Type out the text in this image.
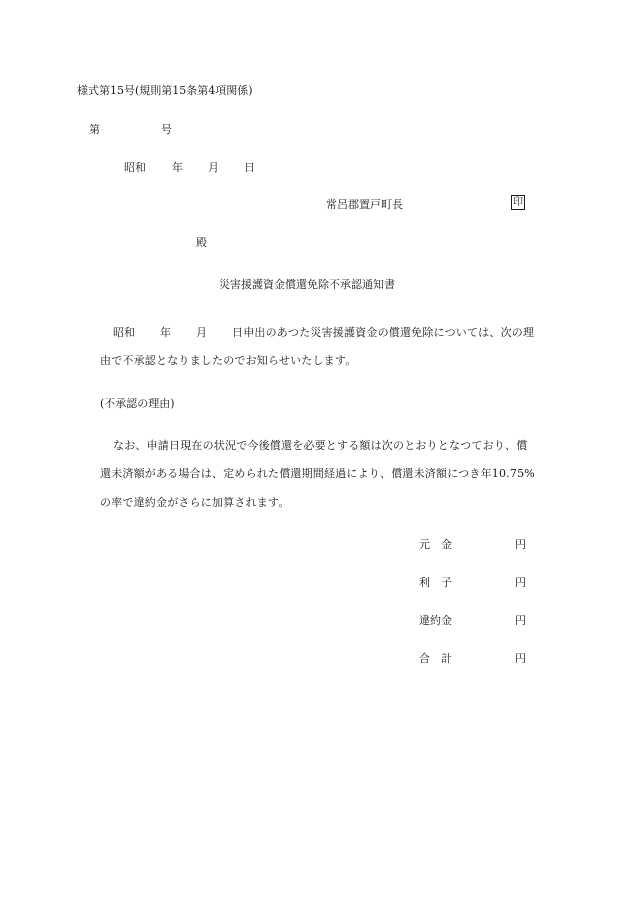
様式第15号(規則第15条第4項関係)
第	号
昭和 年 月 日
常呂郡置戸町長	印
殿
災害援護資金償還免除不承認通知書
昭和 年 月 日申出のあつた災害援護資金の償還免除については、次の理
由で不承認となりましたのでお知らせいたします。
(不承認の理由)
なお、申請日現在の状況で今後償還を必要とする額は次のとおりとなつており、償
還未済額がある場合は、定められた償還期間経過により、償還未済額につき年10.75%
の率で違約金がさらに加算されます。
元　金	円
利　子	円
違約金	円
合　計	円
